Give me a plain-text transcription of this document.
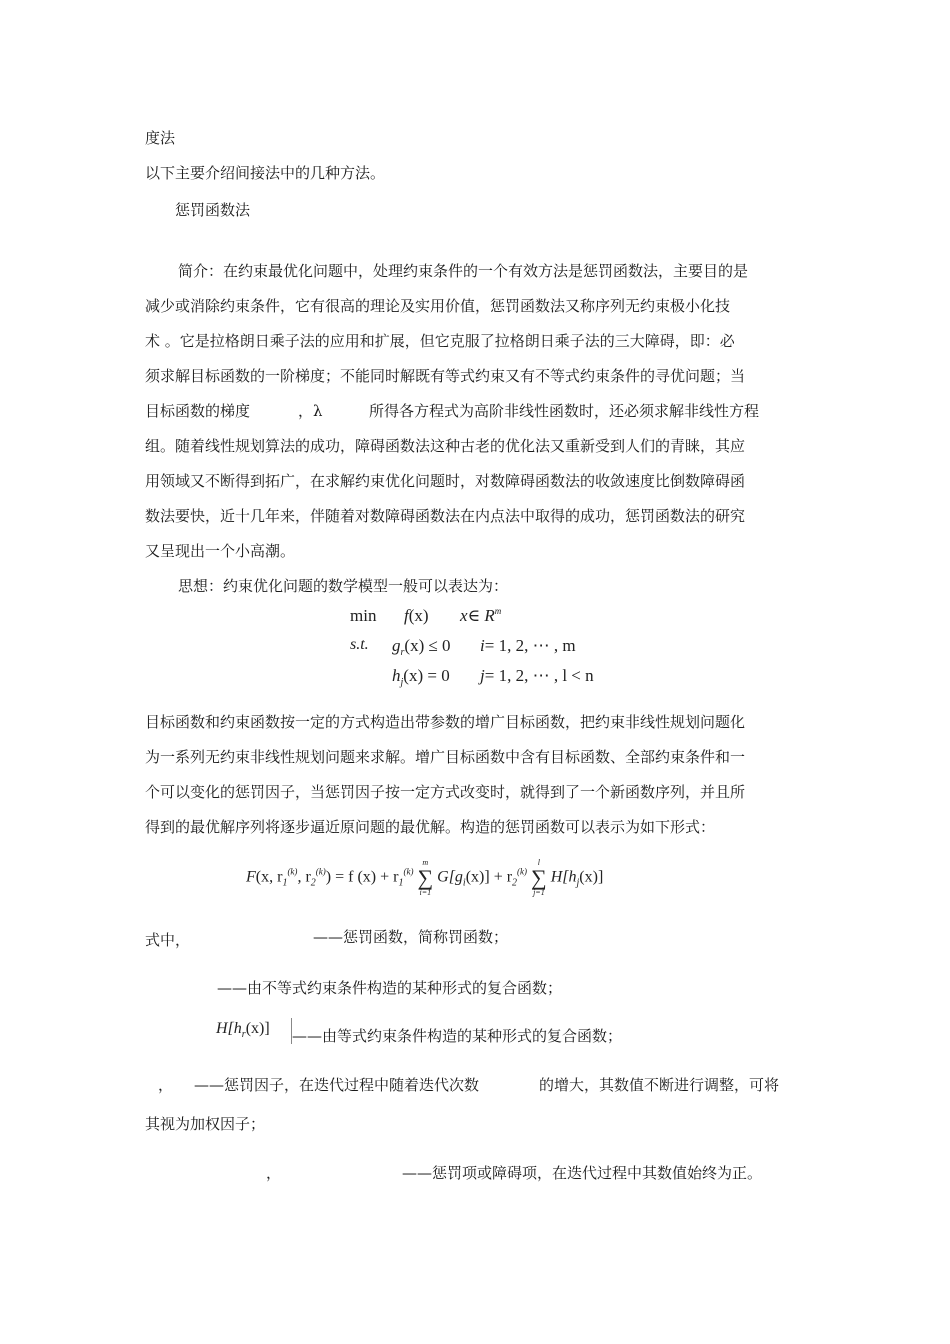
度法
以下主要介绍间接法中的几种方法。
惩罚函数法
简介：在约束最优化问题中，处理约束条件的一个有效方法是惩罚函数法，主要目的是
减少或消除约束条件，它有很高的理论及实用价值，惩罚函数法又称序列无约束极小化技
术 。它是拉格朗日乘子法的应用和扩展，但它克服了拉格朗日乘子法的三大障碍，即：必
须求解目标函数的一阶梯度；不能同时解既有等式约束又有不等式约束条件的寻优问题；当
目标函数的梯度	，λ	所得各方程式为高阶非线性函数时，还必须求解非线性方程
组。随着线性规划算法的成功，障碍函数法这种古老的优化法又重新受到人们的青睐，其应
用领域又不断得到拓广，在求解约束优化问题时，对数障碍函数法的收敛速度比倒数障碍函
数法要快，近十几年来，伴随着对数障碍函数法在内点法中取得的成功，惩罚函数法的研究
又呈现出一个小高潮。
思想：约束优化问题的数学模型一般可以表达为：
min f(x) x∈ $R^m$
s.t. $g_r(x) \le 0$ i= 1, 2, ⋯ , m
$h_j(x) = 0$ j= 1, 2, ⋯ , l < n
目标函数和约束函数按一定的方式构造出带参数的增广目标函数，把约束非线性规划问题化
为一系列无约束非线性规划问题来求解。增广目标函数中含有目标函数、全部约束条件和一
个可以变化的惩罚因子，当惩罚因子按一定方式改变时，就得到了一个新函数序列，并且所
得到的最优解序列将逐步逼近原问题的最优解。构造的惩罚函数可以表示为如下形式：
F(x, $r_1^{(k)}$, $r_2^{(k)}) = f$ $(x) + r_1^{(k)}$
m
∑
i=1
$G[g_i(x)] + r_2^{(k)}$
l
∑
j=1
$H[h_j(x)]$
式中，	——惩罚函数，简称罚函数；
——由不等式约束条件构造的某种形式的复合函数；
$H[h_r(x)]$ ——由等式约束条件构造的某种形式的复合函数；
， ——惩罚因子，在迭代过程中随着迭代次数	的增大，其数值不断进行调整，可将
其视为加权因子；
，	——惩罚项或障碍项，在迭代过程中其数值始终为正。
